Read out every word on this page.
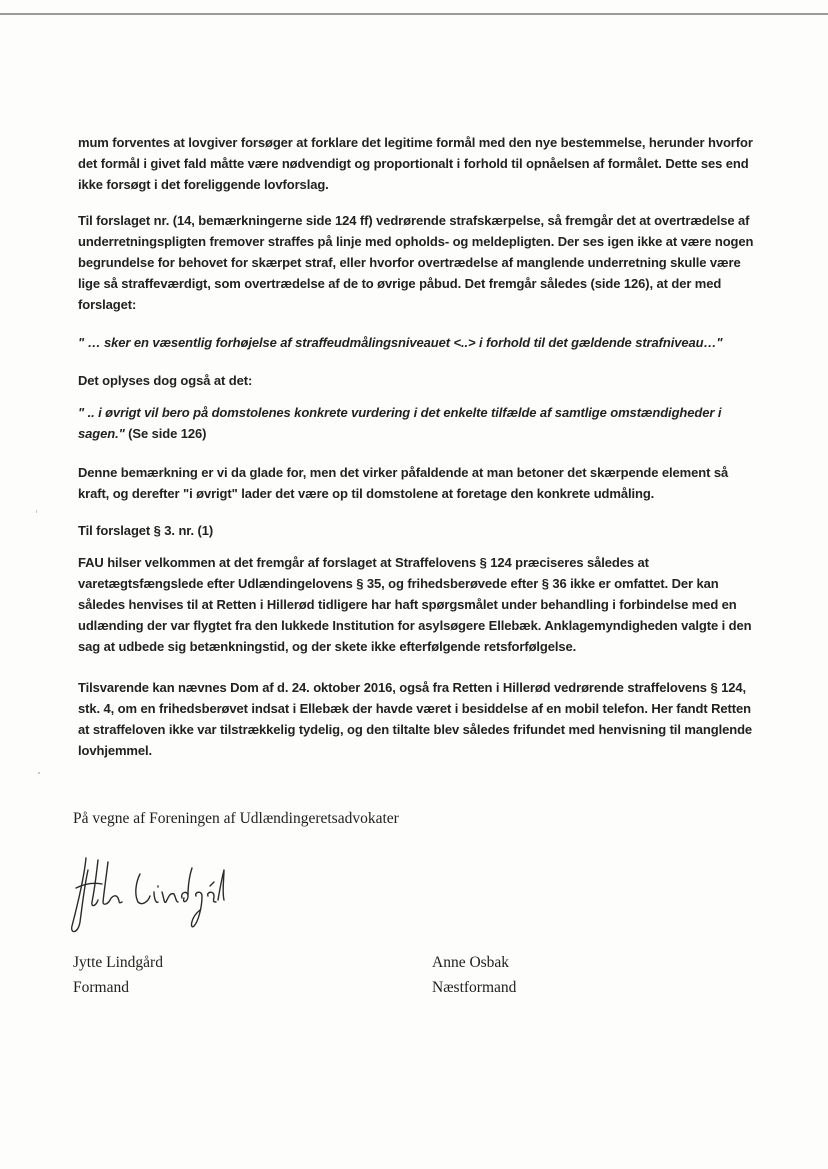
mum forventes at lovgiver forsøger at forklare det legitime formål med den nye bestemmelse, herunder hvorfor det formål i givet fald måtte være nødvendigt og proportionalt i forhold til opnåelsen af formålet. Dette ses end ikke forsøgt i det foreliggende lovforslag.

Til forslaget nr. (14, bemærkningerne side 124 ff) vedrørende strafskærpelse, så fremgår det at overtrædelse af underretningspligten fremover straffes på linje med opholds- og meldepligten. Der ses igen ikke at være nogen begrundelse for behovet for skærpet straf, eller hvorfor overtrædelse af manglende underretning skulle være lige så straffeværdigt, som overtrædelse af de to øvrige påbud. Det fremgår således (side 126), at der med forslaget:

" … sker en væsentlig forhøjelse af straffeudmålingsniveauet <..> i forhold til det gældende strafniveau…"

Det oplyses dog også at det:

" .. i øvrigt vil bero på domstolenes konkrete vurdering i det enkelte tilfælde af samtlige omstændigheder i sagen." (Se side 126)

Denne bemærkning er vi da glade for, men det virker påfaldende at man betoner det skærpende element så kraft, og derefter "i øvrigt" lader det være op til domstolene at foretage den konkrete udmåling.

Til forslaget § 3. nr. (1)

FAU hilser velkommen at det fremgår af forslaget at Straffelovens § 124 præciseres således at varetægtsfængslede efter Udlændingelovens § 35, og frihedsberøvede efter § 36 ikke er omfattet. Der kan således henvises til at Retten i Hillerød tidligere har haft spørgsmålet under behandling i forbindelse med en udlænding der var flygtet fra den lukkede Institution for asylsøgere Ellebæk. Anklagemyndigheden valgte i den sag at udbede sig betænkningstid, og der skete ikke efterfølgende retsforfølgelse.

Tilsvarende kan nævnes Dom af d. 24. oktober 2016, også fra Retten i Hillerød vedrørende straffelovens § 124, stk. 4, om en frihedsberøvet indsat i Ellebæk der havde været i besiddelse af en mobil telefon. Her fandt Retten at straffeloven ikke var tilstrækkelig tydelig, og den tiltalte blev således frifundet med henvisning til manglende lovhjemmel.

På vegne af Foreningen af Udlændingeretsadvokater
Jytte Lindgård
Formand
Anne Osbak
Næstformand
